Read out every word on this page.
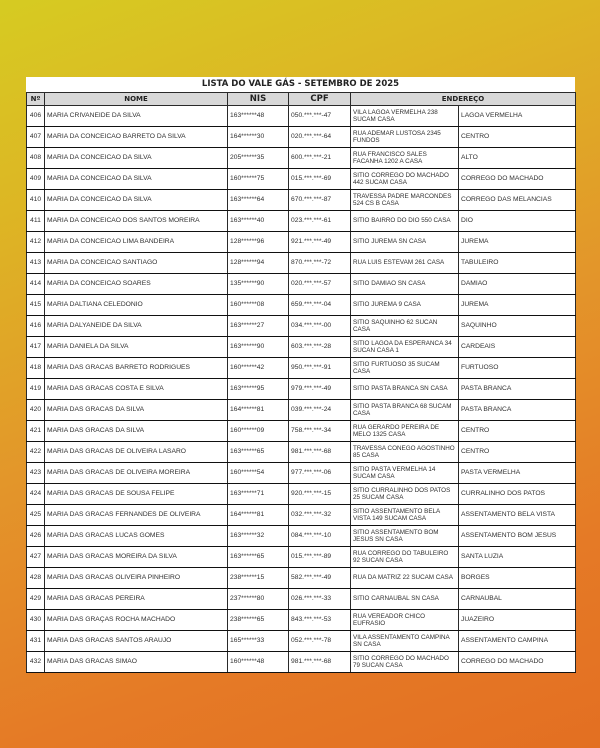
LISTA DO VALE GÁS - SETEMBRO DE 2025
Nº	NOME	NIS	CPF	ENDEREÇO	
406	MARIA CRIVANEIDE DA SILVA	163******48	050.***.***-47	VILA LAGOA VERMELHA 238 SUCAM CASA	LAGOA VERMELHA
407	MARIA DA CONCEICAO BARRETO DA SILVA	164******30	020.***.***-64	RUA ADEMAR LUSTOSA 2345 FUNDOS	CENTRO
408	MARIA DA CONCEICAO DA SILVA	205******35	600.***.***-21	RUA FRANCISCO SALES FACANHA 1202 A CASA	ALTO
409	MARIA DA CONCEICAO DA SILVA	160******75	015.***.***-69	SITIO CORREGO DO MACHADO 442 SUCAM CASA	CORREGO DO MACHADO
410	MARIA DA CONCEICAO DA SILVA	163******64	670.***.***-87	TRAVESSA PADRE MARCONDES 524 CS B CASA	CORREGO DAS MELANCIAS
411	MARIA DA CONCEICAO DOS SANTOS MOREIRA	163******40	023.***.***-61	SITIO BAIRRO DO DIO 550 CASA	DIO
412	MARIA DA CONCEICAO LIMA BANDEIRA	128******96	921.***.***-49	SITIO JUREMA SN CASA	JUREMA
413	MARIA DA CONCEICAO SANTIAGO	128******94	870.***.***-72	RUA LUIS ESTEVAM 261 CASA	TABULEIRO
414	MARIA DA CONCEICAO SOARES	135******90	020.***.***-57	SITIO DAMIAO SN CASA	DAMIAO
415	MARIA DALTIANA CELEDONIO	160******08	659.***.***-04	SITIO JUREMA 9 CASA	JUREMA
416	MARIA DALYANEIDE DA SILVA	163******27	034.***.***-00	SITIO SAQUINHO 62 SUCAN CASA	SAQUINHO
417	MARIA DANIELA DA SILVA	163******90	603.***.***-28	SITIO LAGOA DA ESPERANCA 34 SUCAN CASA 1	CARDEAIS
418	MARIA DAS GRACAS BARRETO RODRIGUES	160******42	950.***.***-91	SITIO FURTUOSO 35 SUCAM CASA	FURTUOSO
419	MARIA DAS GRACAS COSTA E SILVA	163******95	979.***.***-49	SITIO PASTA BRANCA SN CASA	PASTA BRANCA
420	MARIA DAS GRACAS DA SILVA	164******81	039.***.***-24	SITIO PASTA BRANCA 68 SUCAM CASA	PASTA BRANCA
421	MARIA DAS GRACAS DA SILVA	160******09	758.***.***-34	RUA GERARDO PEREIRA DE MELO 1325 CASA	CENTRO
422	MARIA DAS GRACAS DE OLIVEIRA LASARO	163******65	981.***.***-68	TRAVESSA CONEGO AGOSTINHO 85 CASA	CENTRO
423	MARIA DAS GRACAS DE OLIVEIRA MOREIRA	160******54	977.***.***-06	SITIO PASTA VERMELHA 14 SUCAM CASA	PASTA VERMELHA
424	MARIA DAS GRACAS DE SOUSA FELIPE	163******71	920.***.***-15	SITIO CURRALINHO DOS PATOS 25 SUCAM CASA	CURRALINHO DOS PATOS
425	MARIA DAS GRACAS FERNANDES DE OLIVEIRA	164******81	032.***.***-32	SITIO ASSENTAMENTO BELA VISTA 149 SUCAM CASA	ASSENTAMENTO BELA VISTA
426	MARIA DAS GRACAS LUCAS GOMES	163******32	084.***.***-10	SITIO ASSENTAMENTO BOM JESUS SN CASA	ASSENTAMENTO BOM JESUS
427	MARIA DAS GRACAS MOREIRA DA SILVA	163******65	015.***.***-89	RUA CORREGO DO TABULEIRO 92 SUCAN CASA	SANTA LUZIA
428	MARIA DAS GRACAS OLIVEIRA PINHEIRO	238******15	582.***.***-49	RUA DA MATRIZ 22 SUCAM CASA	BORGES
429	MARIA DAS GRACAS PEREIRA	237******80	026.***.***-33	SITIO CARNAUBAL SN CASA	CARNAUBAL
430	MARIA DAS GRAÇAS ROCHA MACHADO	238******65	843.***.***-53	RUA VEREADOR CHICO EUFRASIO	JUAZEIRO
431	MARIA DAS GRACAS SANTOS ARAUJO	165******33	052.***.***-78	VILA ASSENTAMENTO CAMPINA SN CASA	ASSENTAMENTO CAMPINA
432	MARIA DAS GRACAS SIMAO	160******48	981.***.***-68	SITIO CORREGO DO MACHADO 79 SUCAN CASA	CORREGO DO MACHADO
